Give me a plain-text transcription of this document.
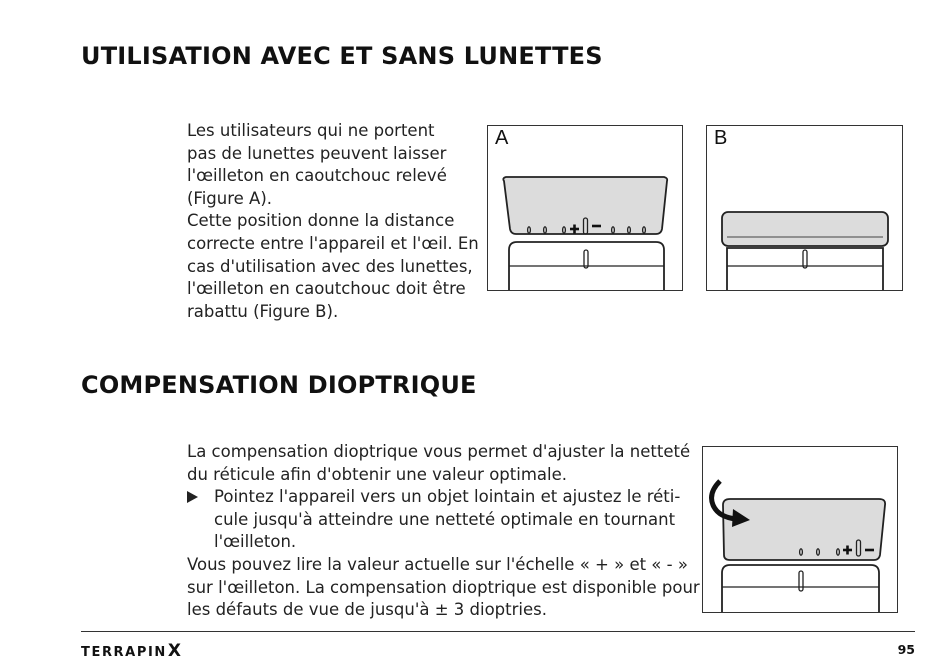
UTILISATION AVEC ET SANS LUNETTES

Les utilisateurs qui ne portent
pas de lunettes peuvent laisser
l'œilleton en caoutchouc relevé
(Figure A).
Cette position donne la distance
correcte entre l'appareil et l'œil. En
cas d'utilisation avec des lunettes,
l'œilleton en caoutchouc doit être
rabattu (Figure B).

A	B
COMPENSATION DIOPTRIQUE
La compensation dioptrique vous permet d'ajuster la netteté
du réticule afin d'obtenir une valeur optimale.
Pointez l'appareil vers un objet lointain et ajustez le réti-
cule jusqu'à atteindre une netteté optimale en tournant
l'œilleton.
Vous pouvez lire la valeur actuelle sur l'échelle « + » et « - »
sur l'œilleton. La compensation dioptrique est disponible pour
les défauts de vue de jusqu'à ± 3 dioptries.
TERRAPINX	95
